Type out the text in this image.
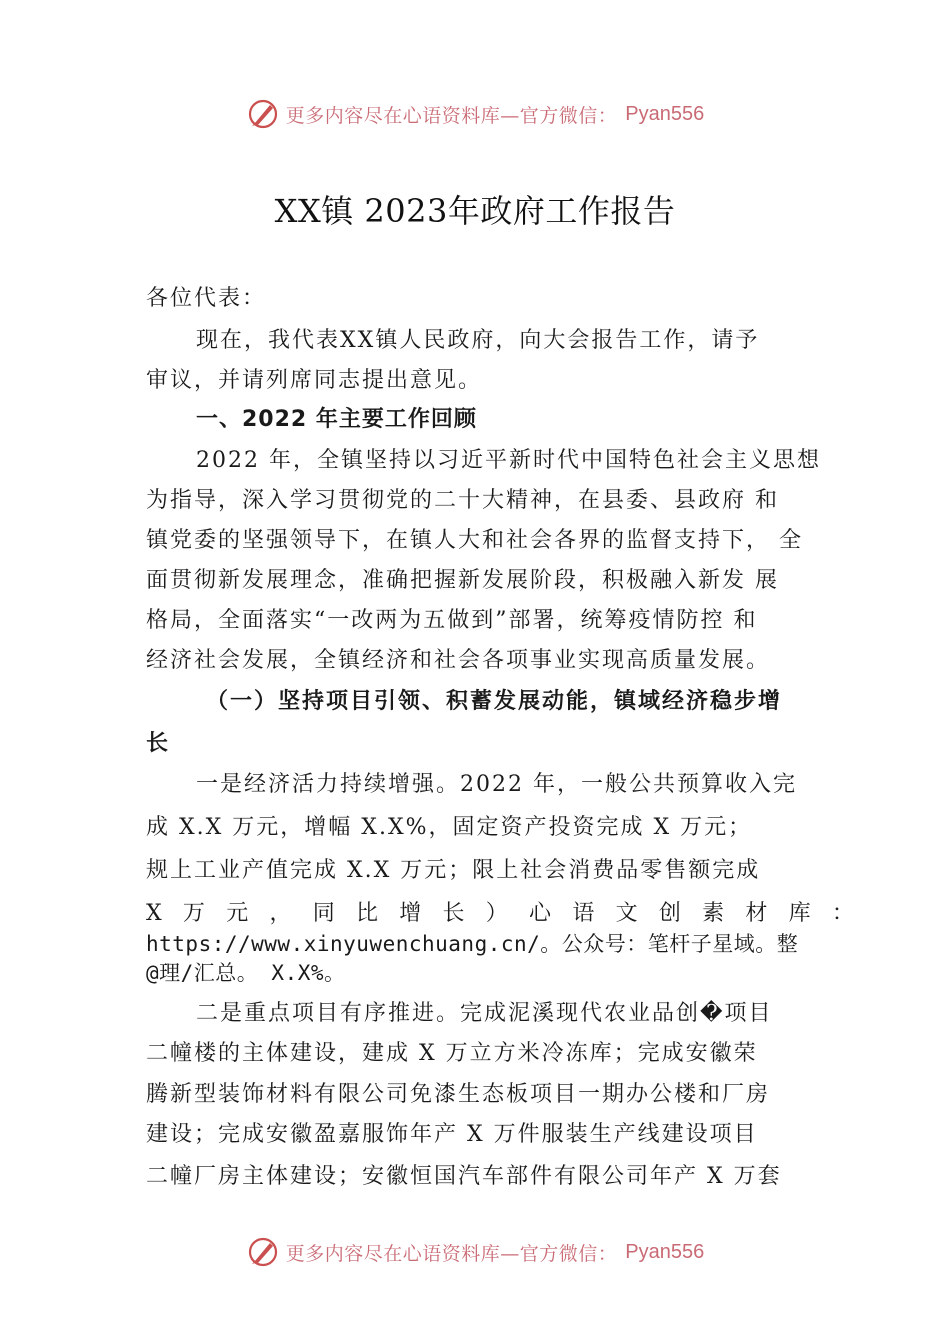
更多内容尽在心语资料库—官方微信： Pyan556
XX镇 2023年政府工作报告
各位代表：
现在，我代表XX镇人民政府，向大会报告工作，请予
审议，并请列席同志提出意见。
一、2022 年主要工作回顾
2022 年，全镇坚持以习近平新时代中国特色社会主义思想
为指导，深入学习贯彻党的二十大精神，在县委、县政府 和
镇党委的坚强领导下，在镇人大和社会各界的监督支持下， 全
面贯彻新发展理念，准确把握新发展阶段，积极融入新发 展
格局，全面落实“一改两为五做到”部署，统筹疫情防控 和
经济社会发展，全镇经济和社会各项事业实现高质量发展。
（一）坚持项目引领、积蓄发展动能，镇域经济稳步增
长
一是经济活力持续增强。2022 年，一般公共预算收入完
成 X.X 万元，增幅 X.X%，固定资产投资完成 X 万元；
规上工业产值完成 X.X 万元；限上社会消费品零售额完成
X 万 元 ， 同 比 增 长 ） 心 语 文 创 素 材 库 ：
https://www.xinyuwenchuang.cn/。公众号：笔杆子星域。整
@理/汇总。 X.X%。
二是重点项目有序推进。完成泥溪现代农业品创�项目
二幢楼的主体建设，建成 X 万立方米冷冻库；完成安徽荣
腾新型装饰材料有限公司免漆生态板项目一期办公楼和厂房
建设；完成安徽盈嘉服饰年产 X 万件服装生产线建设项目
二幢厂房主体建设；安徽恒国汽车部件有限公司年产 X 万套
更多内容尽在心语资料库—官方微信： Pyan556
